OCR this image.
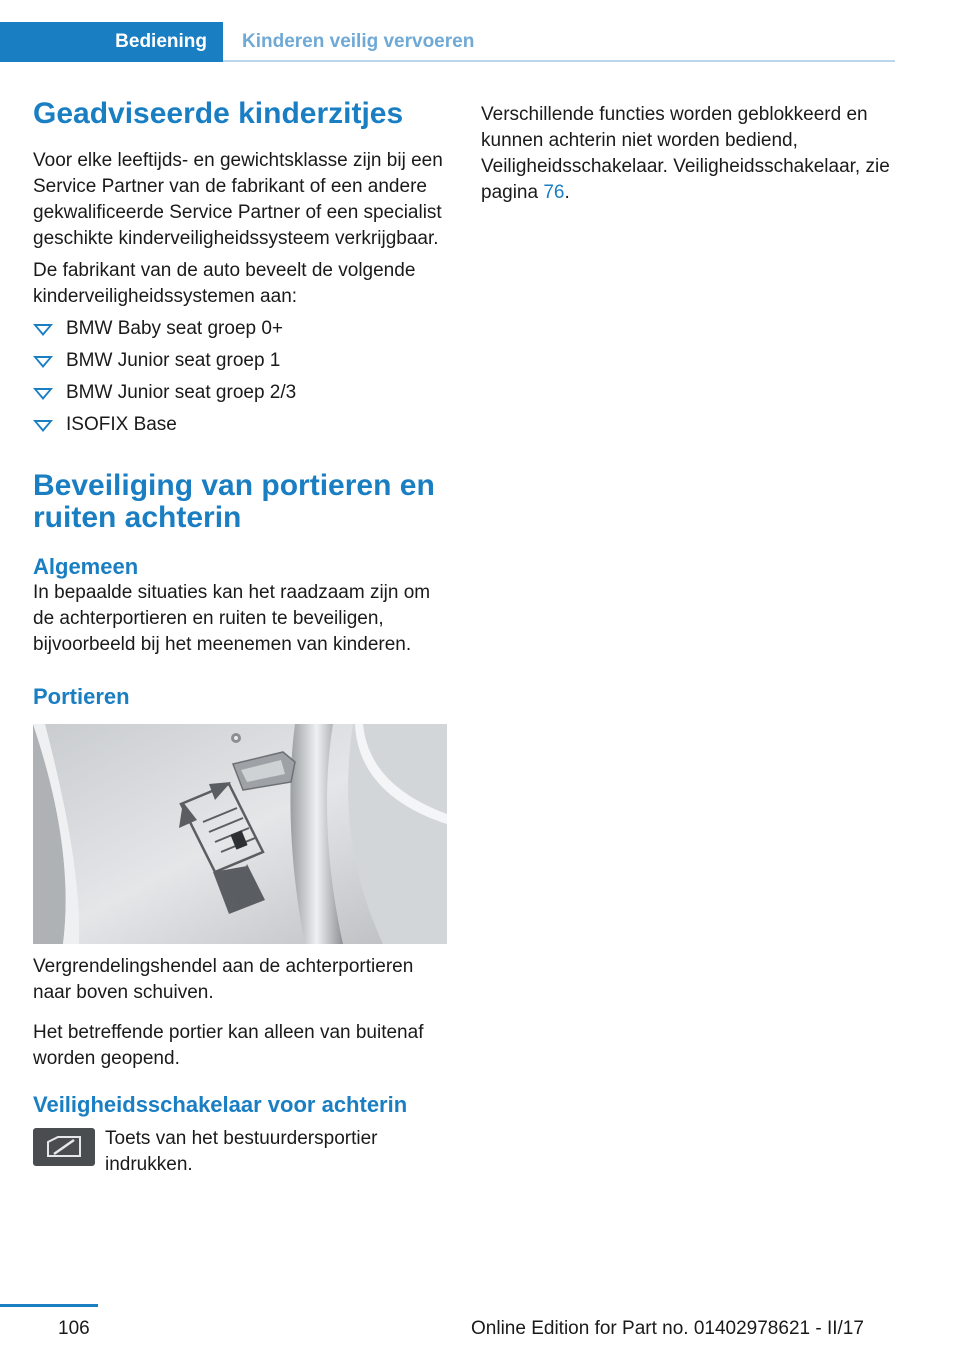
Bediening	Kinderen veilig vervoeren
Geadviseerde kinderzitjes

Voor elke leeftijds- en gewichtsklasse zijn bij een Service Partner van de fabrikant of een andere gekwalificeerde Service Partner of een specialist geschikte kinderveiligheidssysteem verkrijgbaar.

De fabrikant van de auto beveelt de volgende kinderveiligheidssystemen aan:

BMW Baby seat groep 0+
BMW Junior seat groep 1
BMW Junior seat groep 2/3
ISOFIX Base
Beveiliging van portieren en ruiten achterin
Algemeen

In bepaalde situaties kan het raadzaam zijn om de achterportieren en ruiten te beveiligen, bijvoorbeeld bij het meenemen van kinderen.

Portieren

Vergrendelingshendel aan de achterportieren naar boven schuiven.

Het betreffende portier kan alleen van buitenaf worden geopend.

Veiligheidsschakelaar voor achterin
Toets van het bestuurdersportier indrukken.

Verschillende functies worden geblokkeerd en kunnen achterin niet worden bediend, Veiligheidsschakelaar. Veiligheidsschakelaar, zie pagina 76.

106	Online Edition for Part no. 01402978621 - II/17
